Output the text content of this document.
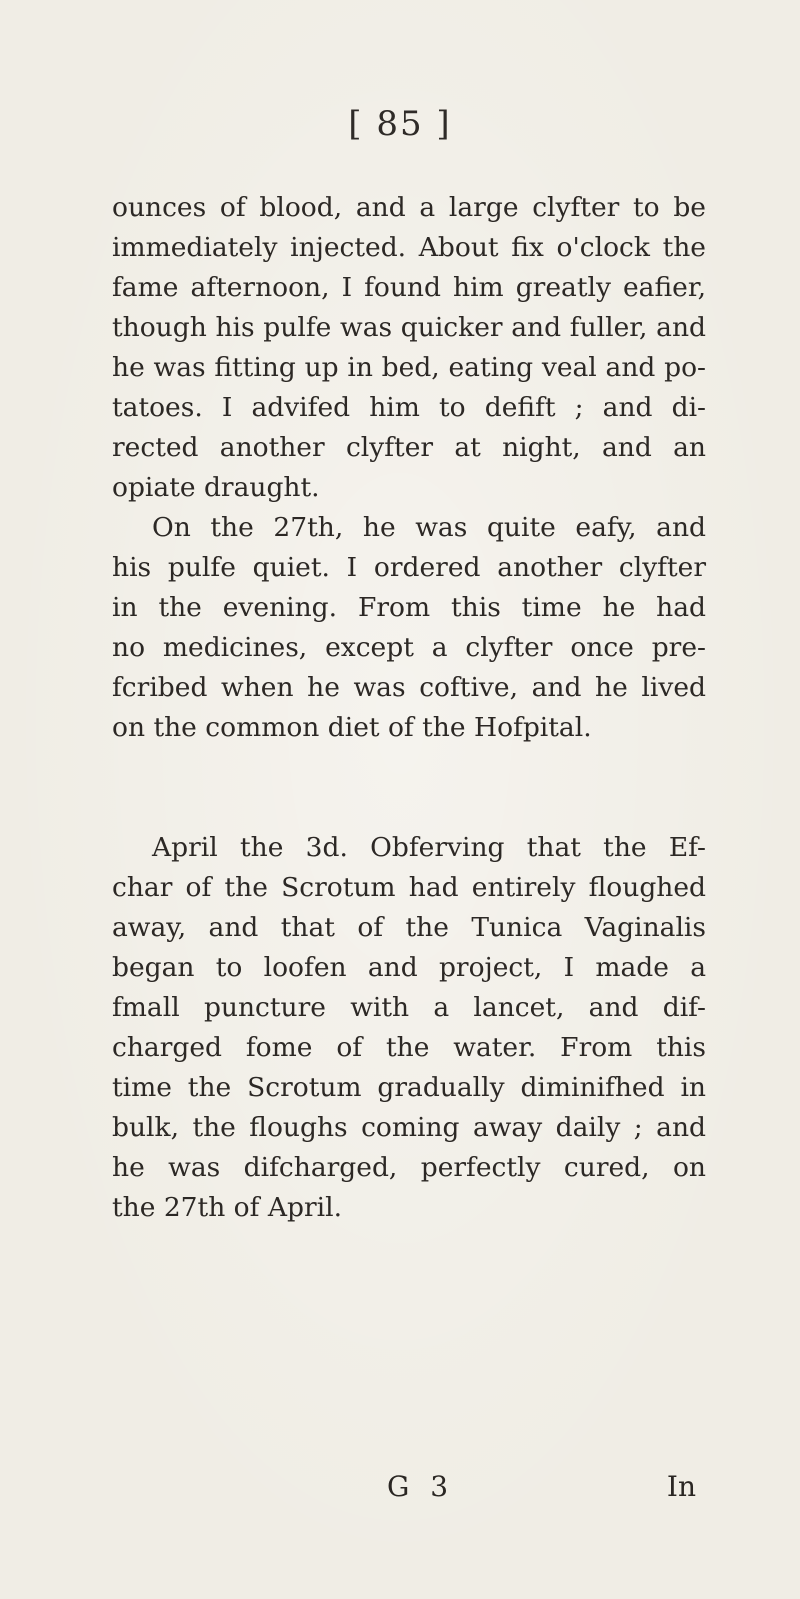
[ 85 ]
ounces of blood, and a large clyfter to be
immediately injected. About fix o'clock the
fame afternoon, I found him greatly eafier,
though his pulfe was quicker and fuller, and
he was fitting up in bed, eating veal and po-
tatoes. I advifed him to defift ; and di-
rected another clyfter at night, and an
opiate draught.
On the 27th, he was quite eafy, and
his pulfe quiet. I ordered another clyfter
in the evening. From this time he had
no medicines, except a clyfter once pre-
fcribed when he was coftive, and he lived
on the common diet of the Hofpital.
April the 3d. Obferving that the Ef-
char of the Scrotum had entirely floughed
away, and that of the Tunica Vaginalis
began to loofen and project, I made a
fmall puncture with a lancet, and dif-
charged fome of the water. From this
time the Scrotum gradually diminifhed in
bulk, the floughs coming away daily ; and
he was difcharged, perfectly cured, on
the 27th of April.
G 3	In
